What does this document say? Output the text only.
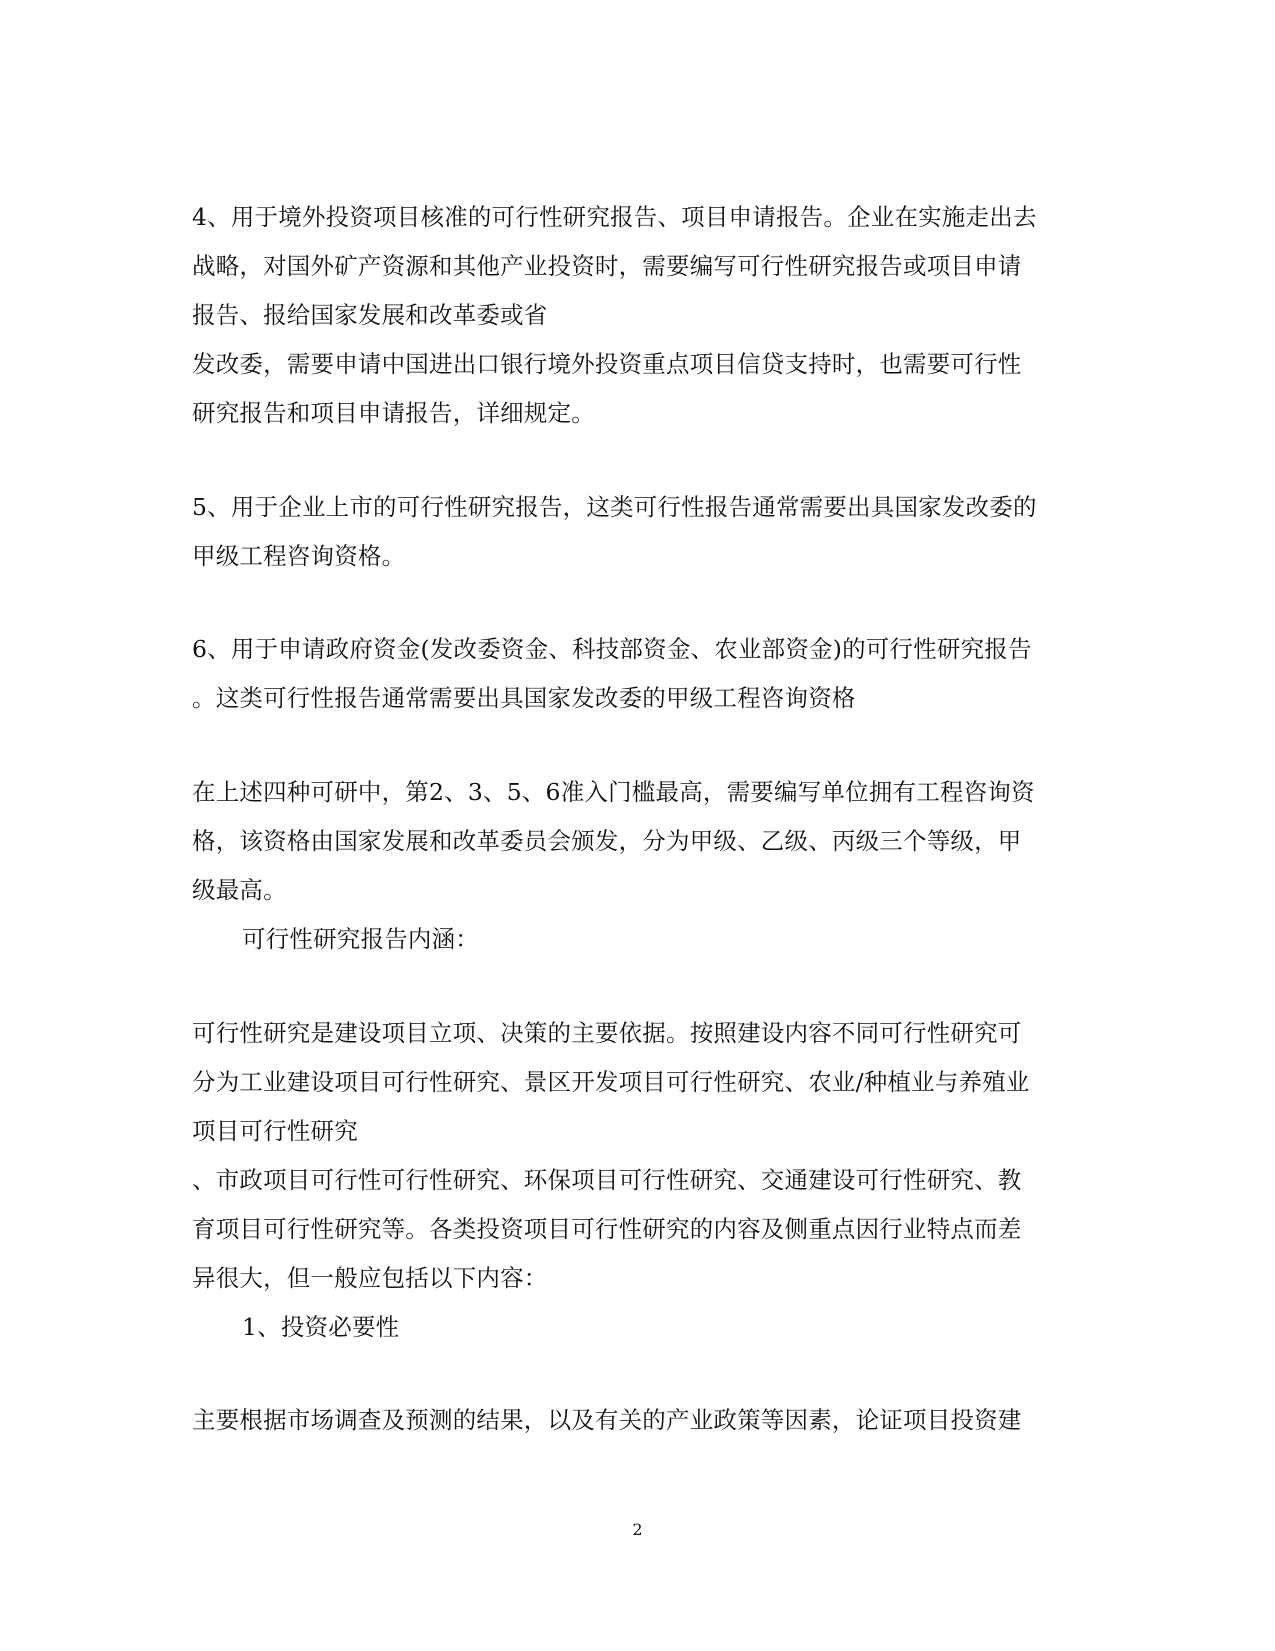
4、用于境外投资项目核准的可行性研究报告、项目申请报告。企业在实施走出去
战略，对国外矿产资源和其他产业投资时，需要编写可行性研究报告或项目申请
报告、报给国家发展和改革委或省
发改委，需要申请中国进出口银行境外投资重点项目信贷支持时，也需要可行性
研究报告和项目申请报告，详细规定。
5、用于企业上市的可行性研究报告，这类可行性报告通常需要出具国家发改委的
甲级工程咨询资格。
6、用于申请政府资金(发改委资金、科技部资金、农业部资金)的可行性研究报告
。这类可行性报告通常需要出具国家发改委的甲级工程咨询资格
在上述四种可研中，第2、3、5、6准入门槛最高，需要编写单位拥有工程咨询资
格，该资格由国家发展和改革委员会颁发，分为甲级、乙级、丙级三个等级，甲
级最高。
可行性研究报告内涵：
可行性研究是建设项目立项、决策的主要依据。按照建设内容不同可行性研究可
分为工业建设项目可行性研究、景区开发项目可行性研究、农业/种植业与养殖业
项目可行性研究
、市政项目可行性可行性研究、环保项目可行性研究、交通建设可行性研究、教
育项目可行性研究等。各类投资项目可行性研究的内容及侧重点因行业特点而差
异很大，但一般应包括以下内容：
1、投资必要性
主要根据市场调查及预测的结果，以及有关的产业政策等因素，论证项目投资建
2
